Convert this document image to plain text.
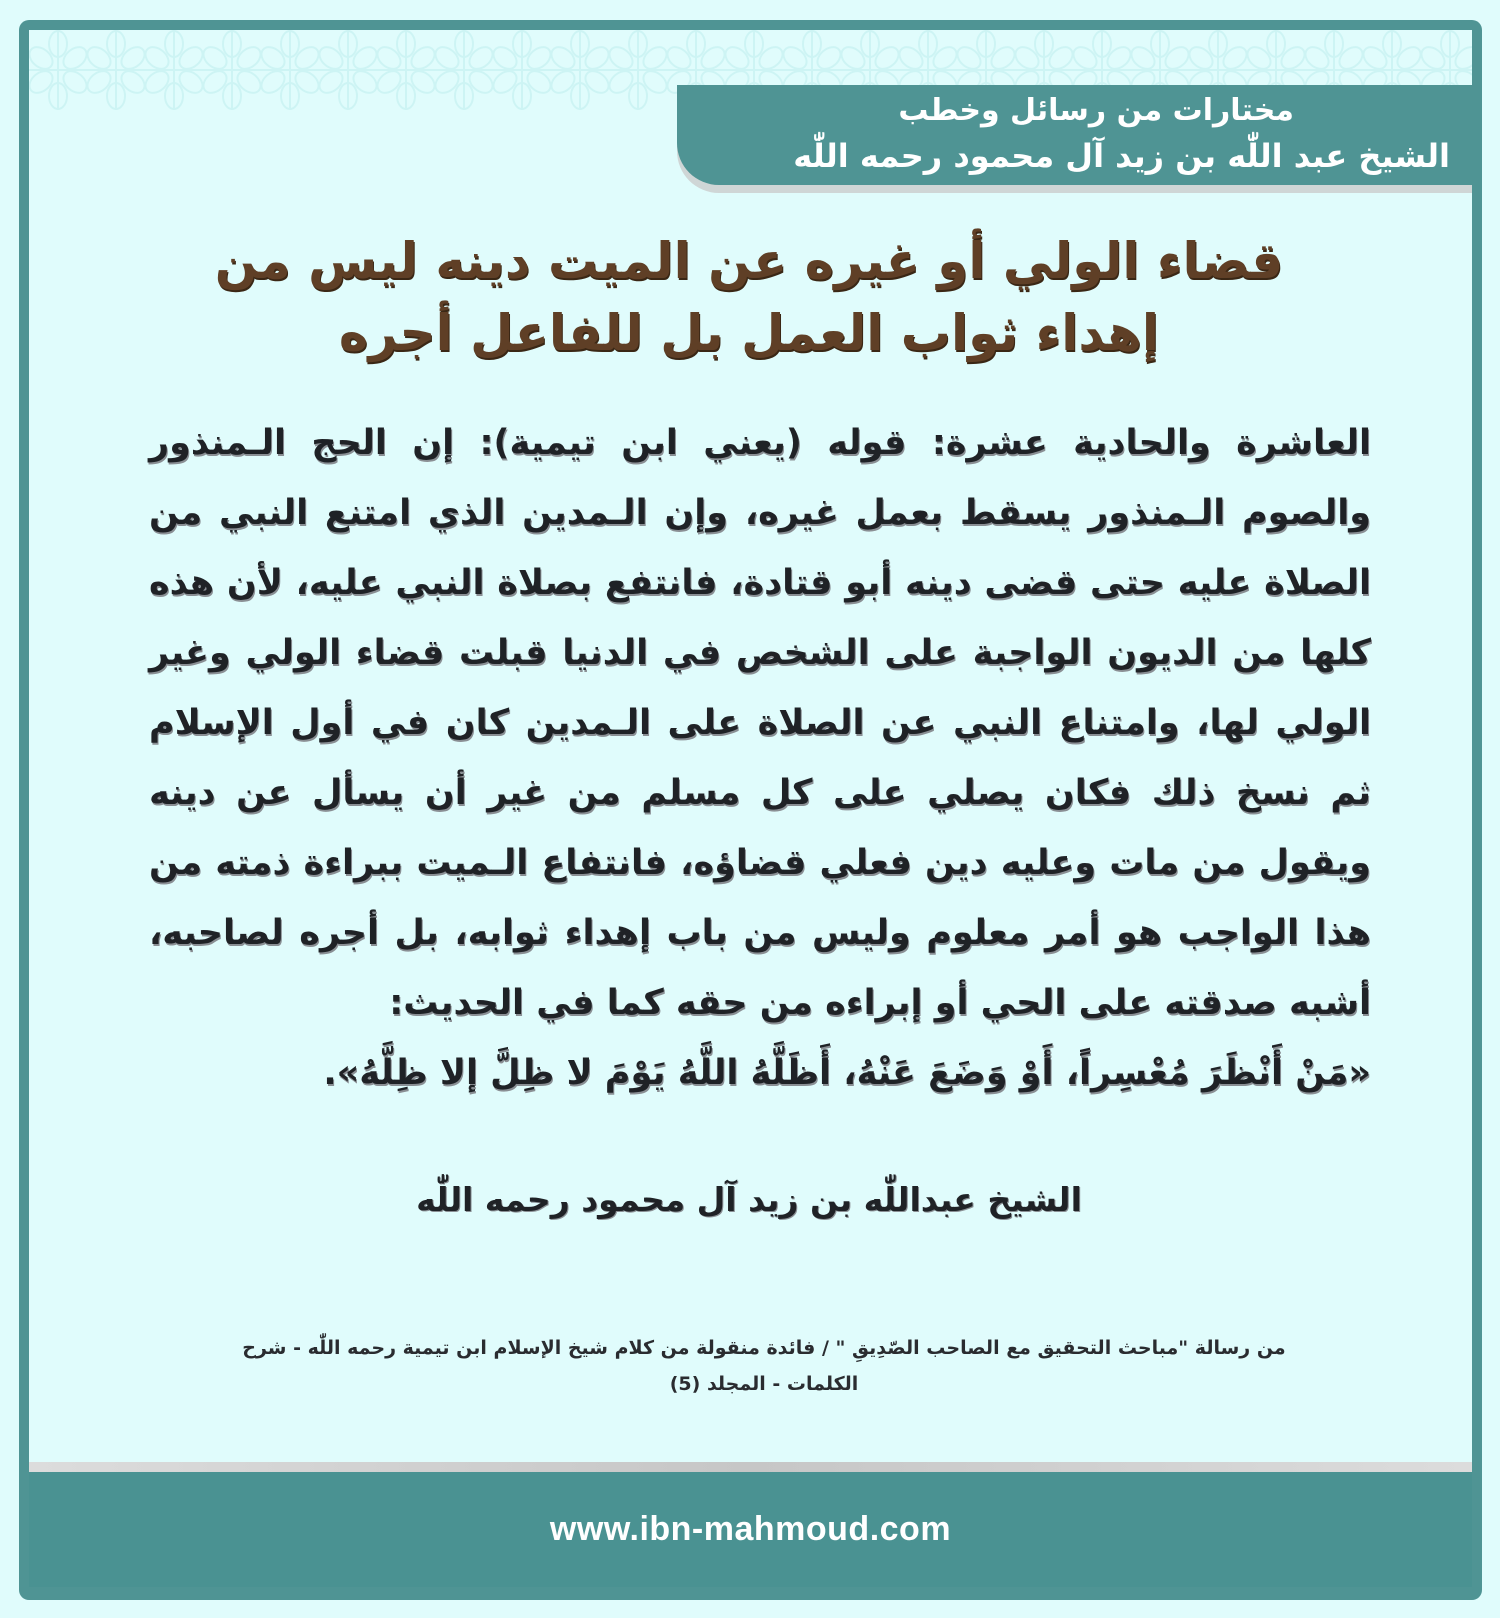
مختارات من رسائل وخطب
الشيخ عبد اللّٰه بن زيد آل محمود رحمه اللّٰه
قضاء الولي أو غيره عن الميت دينه ليس من
إهداء ثواب العمل بل للفاعل أجره
العاشرة والحادية عشرة: قوله (يعني ابن تيمية): إن الحج الـمنذور والصوم الـمنذور يسقط بعمل غيره، وإن الـمدين الذي امتنع النبي من الصلاة عليه حتى قضى دينه أبو قتادة، فانتفع بصلاة النبي عليه، لأن هذه كلها من الديون الواجبة على الشخص في الدنيا قبلت قضاء الولي وغير الولي لها، وامتناع النبي عن الصلاة على الـمدين كان في أول الإسلام ثم نسخ ذلك فكان يصلي على كل مسلم من غير أن يسأل عن دينه ويقول من مات وعليه دين فعلي قضاؤه، فانتفاع الـميت ببراءة ذمته من هذا الواجب هو أمر معلوم وليس من باب إهداء ثوابه، بل أجره لصاحبه، أشبه صدقته على الحي أو إبراءه من حقه كما في الحديث:
«مَنْ أَنْظَرَ مُعْسِراً، أَوْ وَضَعَ عَنْهُ، أَظَلَّهُ اللَّهُ يَوْمَ لا ظِلَّ إلا ظِلَّهُ».
الشيخ عبداللّٰه بن زيد آل محمود رحمه اللّٰه
من رسالة "مباحث التحقيق مع الصاحب الصّدِيقِ " / فائدة منقولة من كلام شيخ الإسلام ابن تيمية رحمه اللّٰه - شرح
الكلمات - المجلد (5)
www.ibn-mahmoud.com
